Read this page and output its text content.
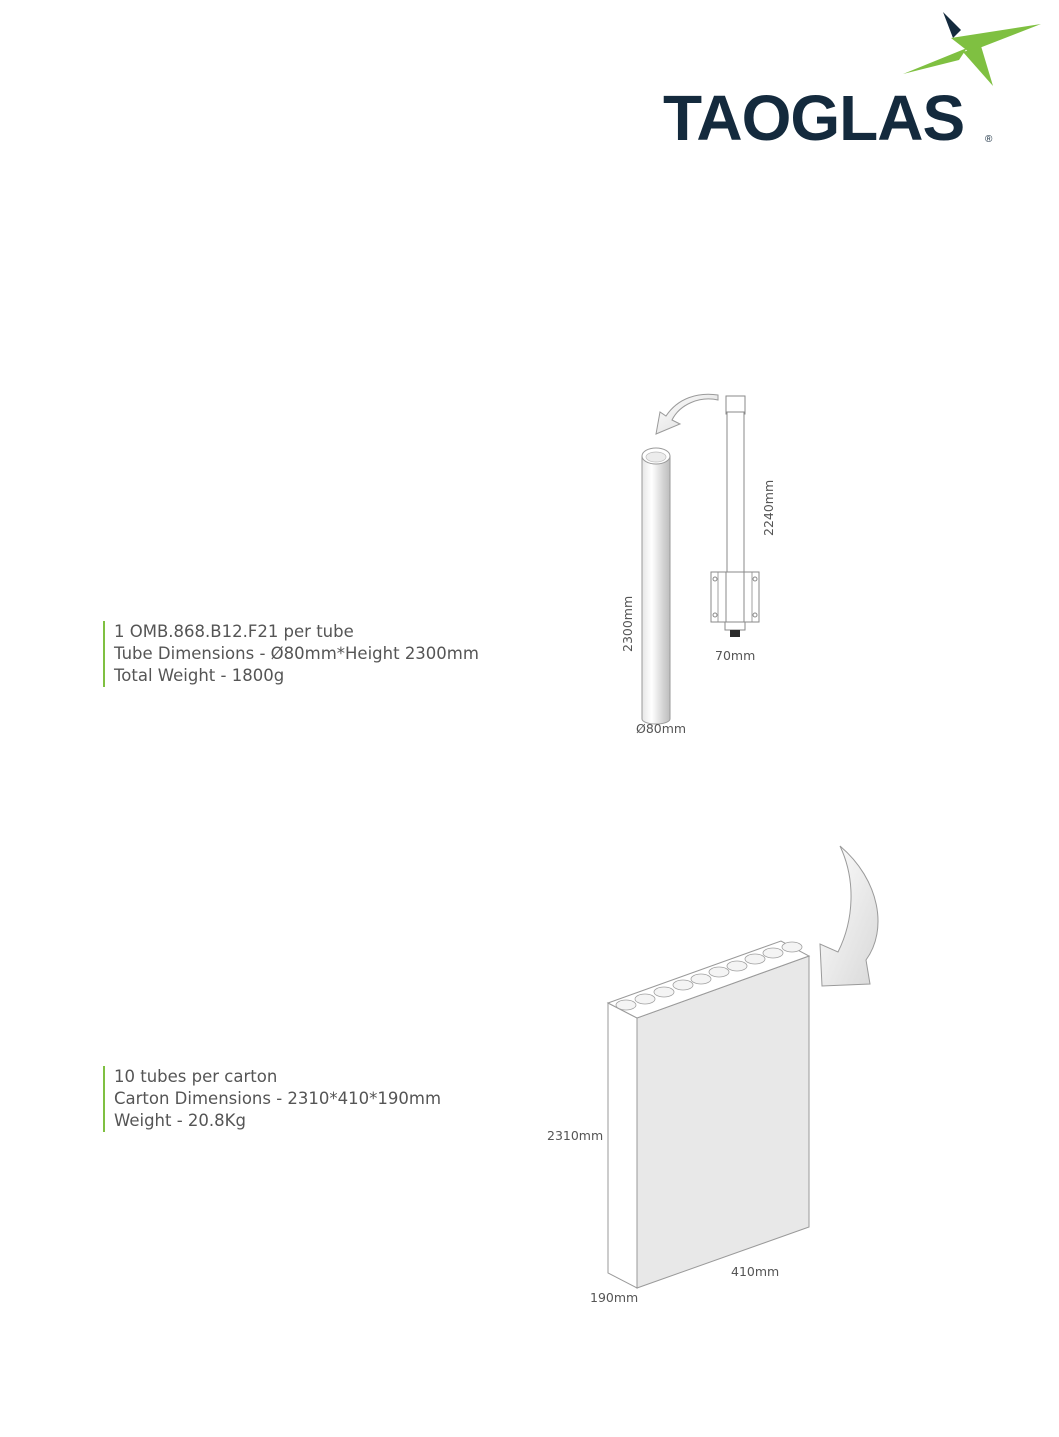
TAOGLAS ®
1 OMB.868.B12.F21 per tube
Tube Dimensions - Ø80mm*Height 2300mm
Total Weight - 1800g
10 tubes per carton
Carton Dimensions - 2310*410*190mm
Weight - 20.8Kg
2300mm
Ø80mm
2240mm
70mm
2310mm
410mm
190mm
